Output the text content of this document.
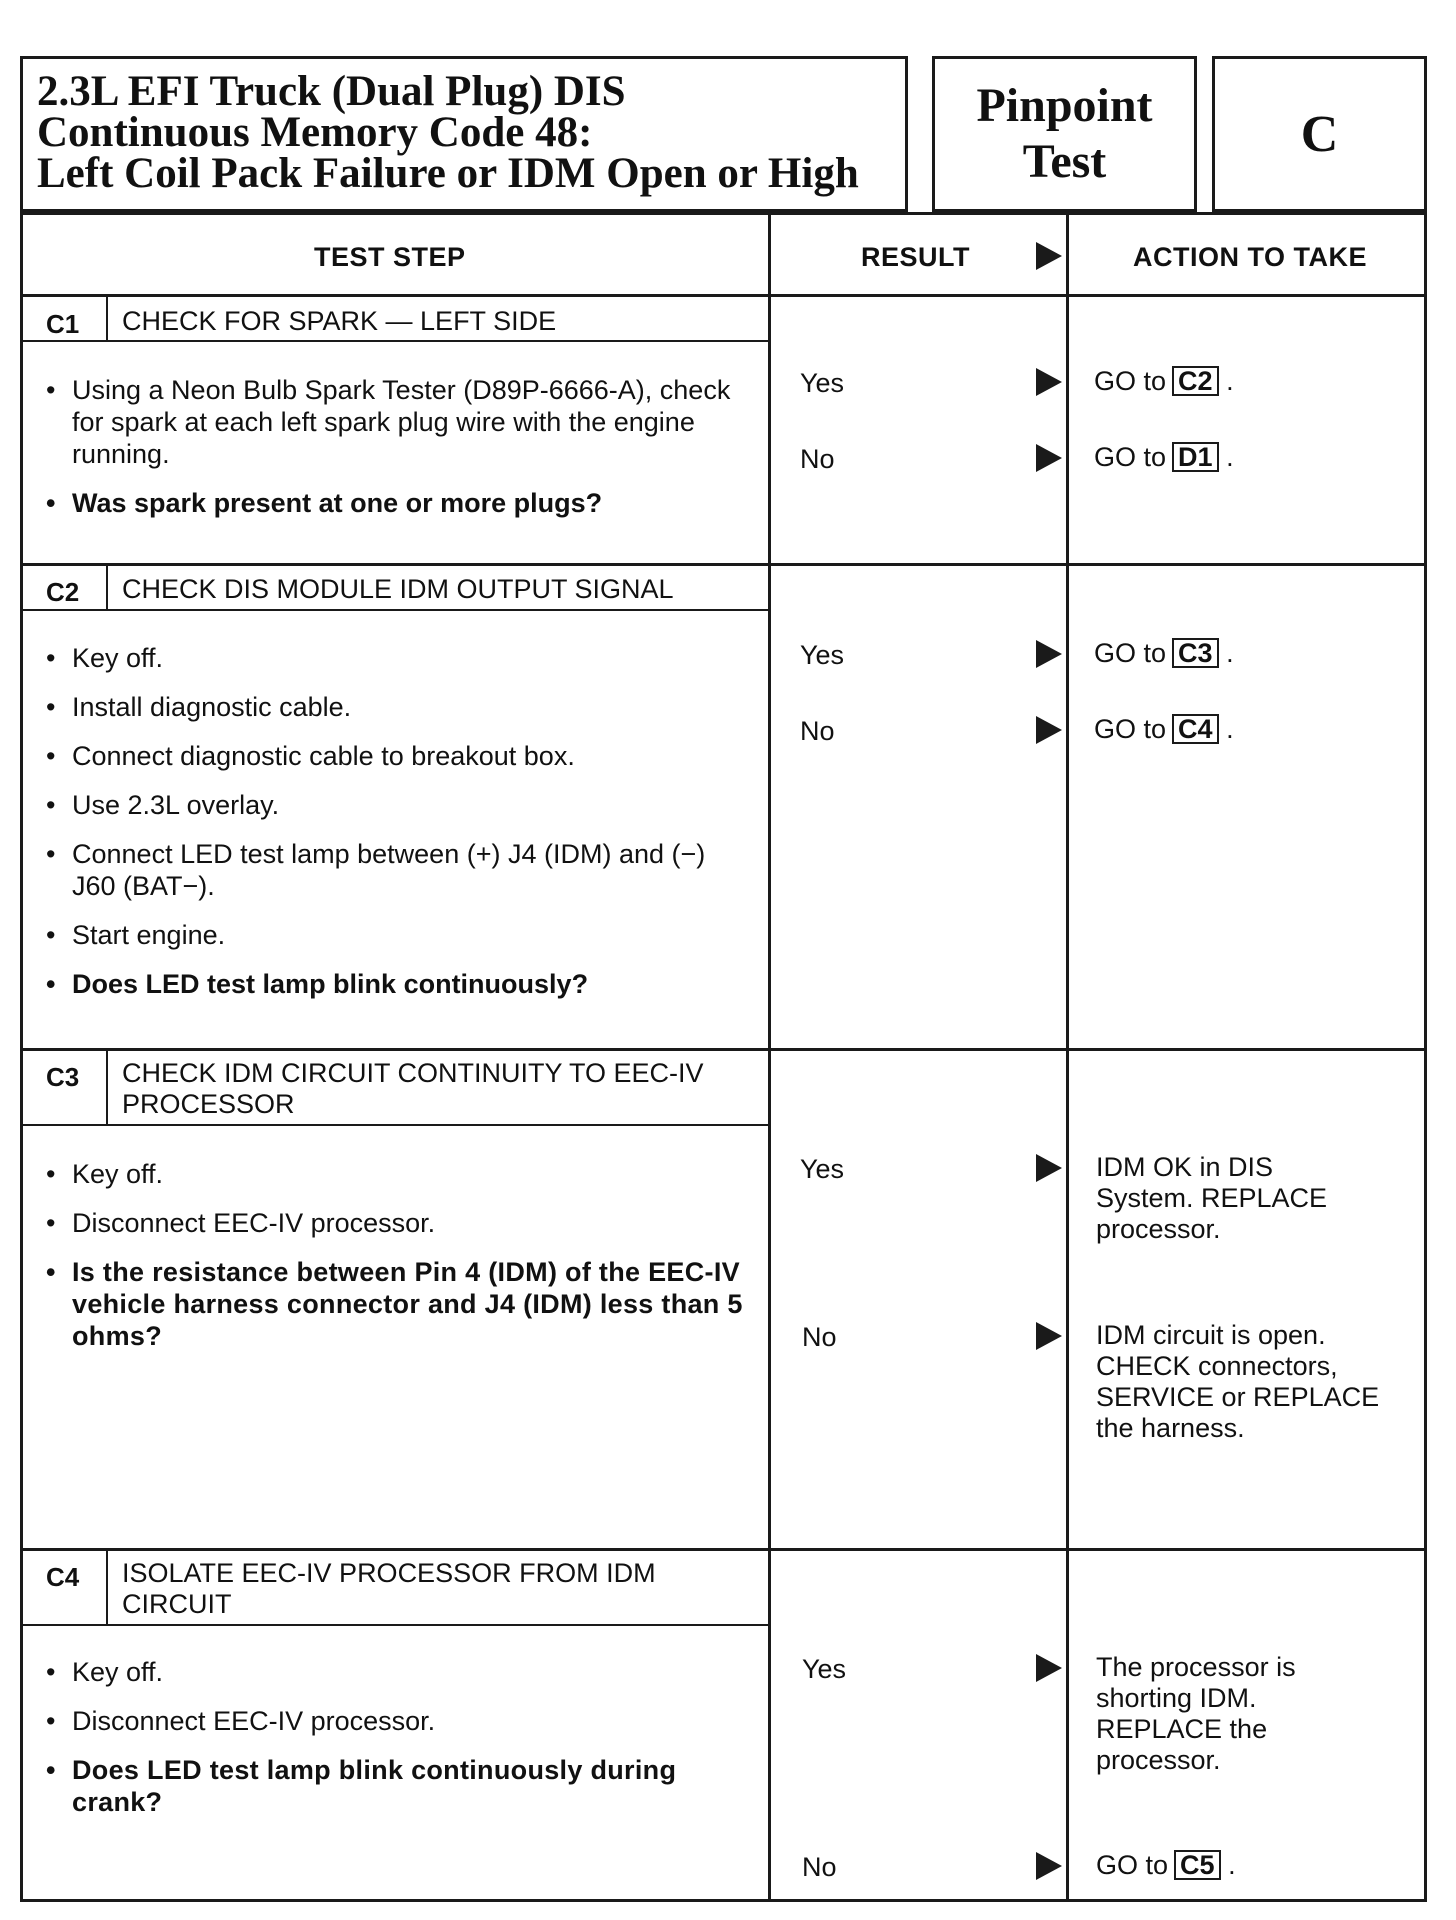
2.3L EFI Truck (Dual Plug) DIS
Continuous Memory Code 48:
Left Coil Pack Failure or IDM Open or High
Pinpoint
Test	C
TEST STEP	RESULT	ACTION TO TAKE
C1 CHECK FOR SPARK — LEFT SIDE
• Using a Neon Bulb Spark Tester (D89P-6666-A), check for spark at each left spark plug wire with the engine running.
• Was spark present at one or more plugs?
Yes	GO to C2 .
No	GO to D1 .
C2 CHECK DIS MODULE IDM OUTPUT SIGNAL
• Key off.
• Install diagnostic cable.
• Connect diagnostic cable to breakout box.
• Use 2.3L overlay.
• Connect LED test lamp between (+) J4 (IDM) and (−) J60 (BAT−).
• Start engine.
• Does LED test lamp blink continuously?
Yes	GO to C3 .
No	GO to C4 .
C3 CHECK IDM CIRCUIT CONTINUITY TO EEC-IV
PROCESSOR
• Key off.
• Disconnect EEC-IV processor.
• Is the resistance between Pin 4 (IDM) of the EEC-IV vehicle harness connector and J4 (IDM) less than 5 ohms?
Yes	IDM OK in DIS
System. REPLACE
processor.
No	IDM circuit is open.
CHECK connectors,
SERVICE or REPLACE
the harness.
C4 ISOLATE EEC-IV PROCESSOR FROM IDM
CIRCUIT
• Key off.
• Disconnect EEC-IV processor.
• Does LED test lamp blink continuously during crank?
Yes	The processor is
shorting IDM.
REPLACE the
processor.
No	GO to C5 .
